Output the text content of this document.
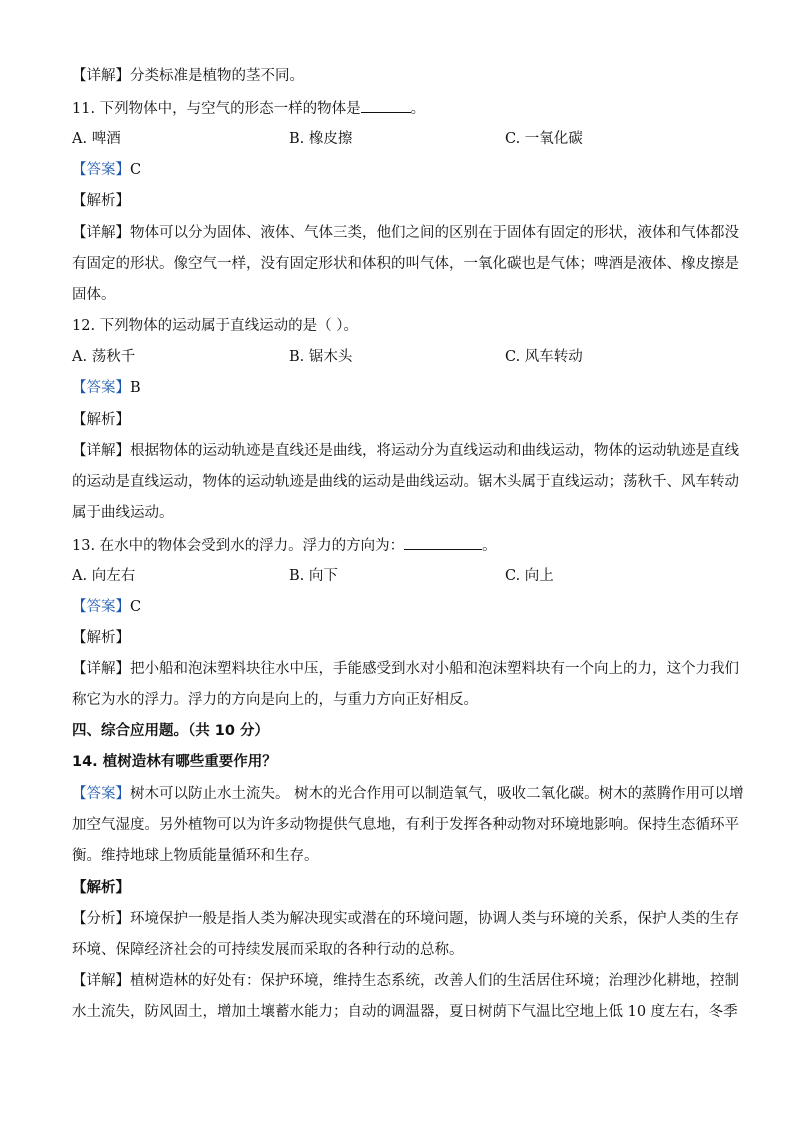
【详解】分类标准是植物的茎不同。
11. 下列物体中，与空气的形态一样的物体是	。
A. 啤酒	B. 橡皮擦	C. 一氧化碳
【答案】C
【解析】
【详解】物体可以分为固体、液体、气体三类，他们之间的区别在于固体有固定的形状，液体和气体都没
有固定的形状。像空气一样，没有固定形状和体积的叫气体，一氧化碳也是气体；啤酒是液体、橡皮擦是
固体。
12. 下列物体的运动属于直线运动的是（ ）。
A. 荡秋千	B. 锯木头	C. 风车转动
【答案】B
【解析】
【详解】根据物体的运动轨迹是直线还是曲线，将运动分为直线运动和曲线运动，物体的运动轨迹是直线
的运动是直线运动，物体的运动轨迹是曲线的运动是曲线运动。锯木头属于直线运动；荡秋千、风车转动
属于曲线运动。
13. 在水中的物体会受到水的浮力。浮力的方向为：	。
A. 向左右	B. 向下	C. 向上
【答案】C
【解析】
【详解】把小船和泡沫塑料块往水中压，手能感受到水对小船和泡沫塑料块有一个向上的力，这个力我们
称它为水的浮力。浮力的方向是向上的，与重力方向正好相反。
四、综合应用题。（共 10 分）
14. 植树造林有哪些重要作用？
【答案】树木可以防止水土流失。 树木的光合作用可以制造氧气，吸收二氧化碳。树木的蒸腾作用可以增
加空气湿度。另外植物可以为许多动物提供气息地，有利于发挥各种动物对环境地影响。保持生态循环平
衡。维持地球上物质能量循环和生存。
【解析】
【分析】环境保护一般是指人类为解决现实或潜在的环境问题，协调人类与环境的关系，保护人类的生存
环境、保障经济社会的可持续发展而采取的各种行动的总称。
【详解】植树造林的好处有：保护环境，维持生态系统，改善人们的生活居住环境；治理沙化耕地，控制
水土流失，防风固土，增加土壤蓄水能力；自动的调温器，夏日树荫下气温比空地上低 10 度左右，冬季
